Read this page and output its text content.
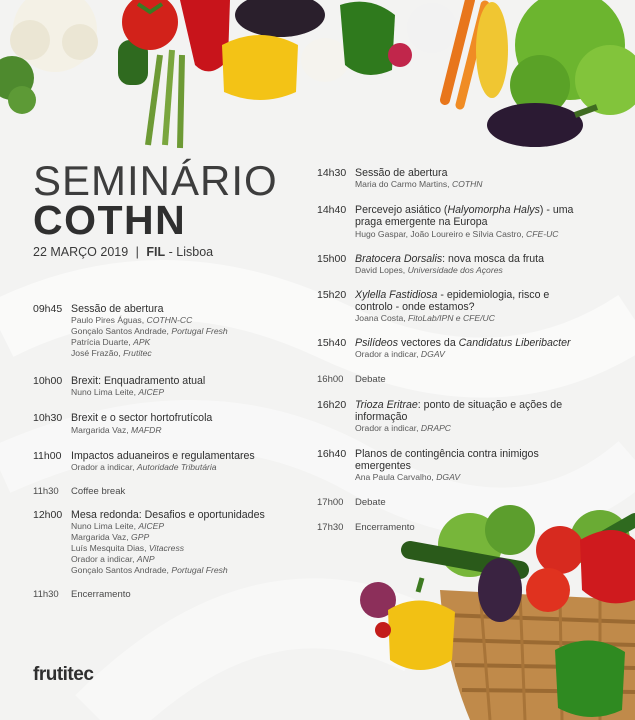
SEMINÁRIO
COTHN
22 MARÇO 2019 | FIL - Lisboa
09h45 Sessão de abertura
Paulo Pires Águas, COTHN-CC
Gonçalo Santos Andrade, Portugal Fresh
Patrícia Duarte, APK
José Frazão, Frutitec
10h00 Brexit: Enquadramento atual
Nuno Lima Leite, AICEP
10h30 Brexit e o sector hortofrutícola
Margarida Vaz, MAFDR
11h00 Impactos aduaneiros e regulamentares
Orador a indicar, Autoridade Tributária
11h30	Coffee break
12h00 Mesa redonda: Desafios e oportunidades
Nuno Lima Leite, AICEP
Margarida Vaz, GPP
Luís Mesquita Dias, Vitacress
Orador a indicar, ANP
Gonçalo Santos Andrade, Portugal Fresh
11h30	Encerramento
14h30 Sessão de abertura
Maria do Carmo Martins, COTHN
14h40 Percevejo asiático (Halyomorpha Halys) - uma praga emergente na Europa
Hugo Gaspar, João Loureiro e Sílvia Castro, CFE-UC
15h00 Bratocera Dorsalis: nova mosca da fruta
David Lopes, Universidade dos Açores
15h20 Xylella Fastidiosa - epidemiologia, risco e controlo - onde estamos?
Joana Costa, FitoLab/IPN e CFE/UC
15h40 Psilídeos vectores da Candidatus Liberibacter
Orador a indicar, DGAV
16h00	Debate
16h20 Trioza Eritrae: ponto de situação e ações de informação
Orador a indicar, DRAPC
16h40 Planos de contingência contra inimigos emergentes
Ana Paula Carvalho, DGAV
17h00	Debate
17h30	Encerramento
frutitec
